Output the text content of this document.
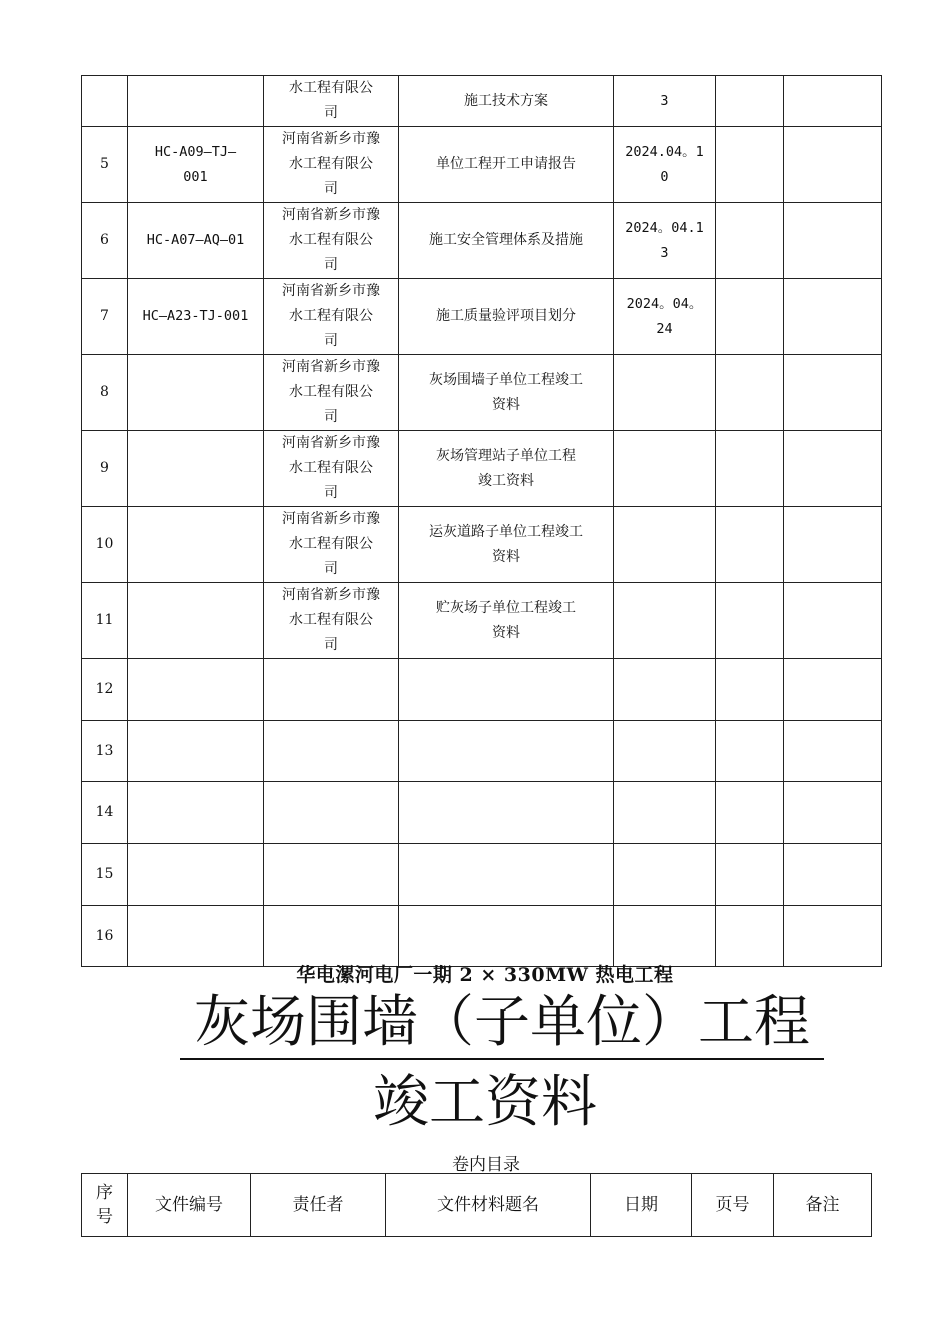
		水工程有限公
司	施工技术方案	3		
5	HC-A09—TJ—
001	河南省新乡市豫
水工程有限公
司	单位工程开工申请报告	2024.04。1
0		
6	HC-A07—AQ—01	河南省新乡市豫
水工程有限公
司	施工安全管理体系及措施	2024。04.1
3		
7	HC—A23-TJ-001	河南省新乡市豫
水工程有限公
司	施工质量验评项目划分	2024。04。
24		
8		河南省新乡市豫
水工程有限公
司	灰场围墙子单位工程竣工
资料			
9		河南省新乡市豫
水工程有限公
司	灰场管理站子单位工程
竣工资料			
10		河南省新乡市豫
水工程有限公
司	运灰道路子单位工程竣工
资料			
11		河南省新乡市豫
水工程有限公
司	贮灰场子单位工程竣工
资料			
12						
13						
14						
15						
16						
华电漯河电厂一期 2 × 330MW 热电工程
灰场围墙（子单位）工程
竣工资料
卷内目录
序
号	文件编号	责任者	文件材料题名	日期	页号	备注
